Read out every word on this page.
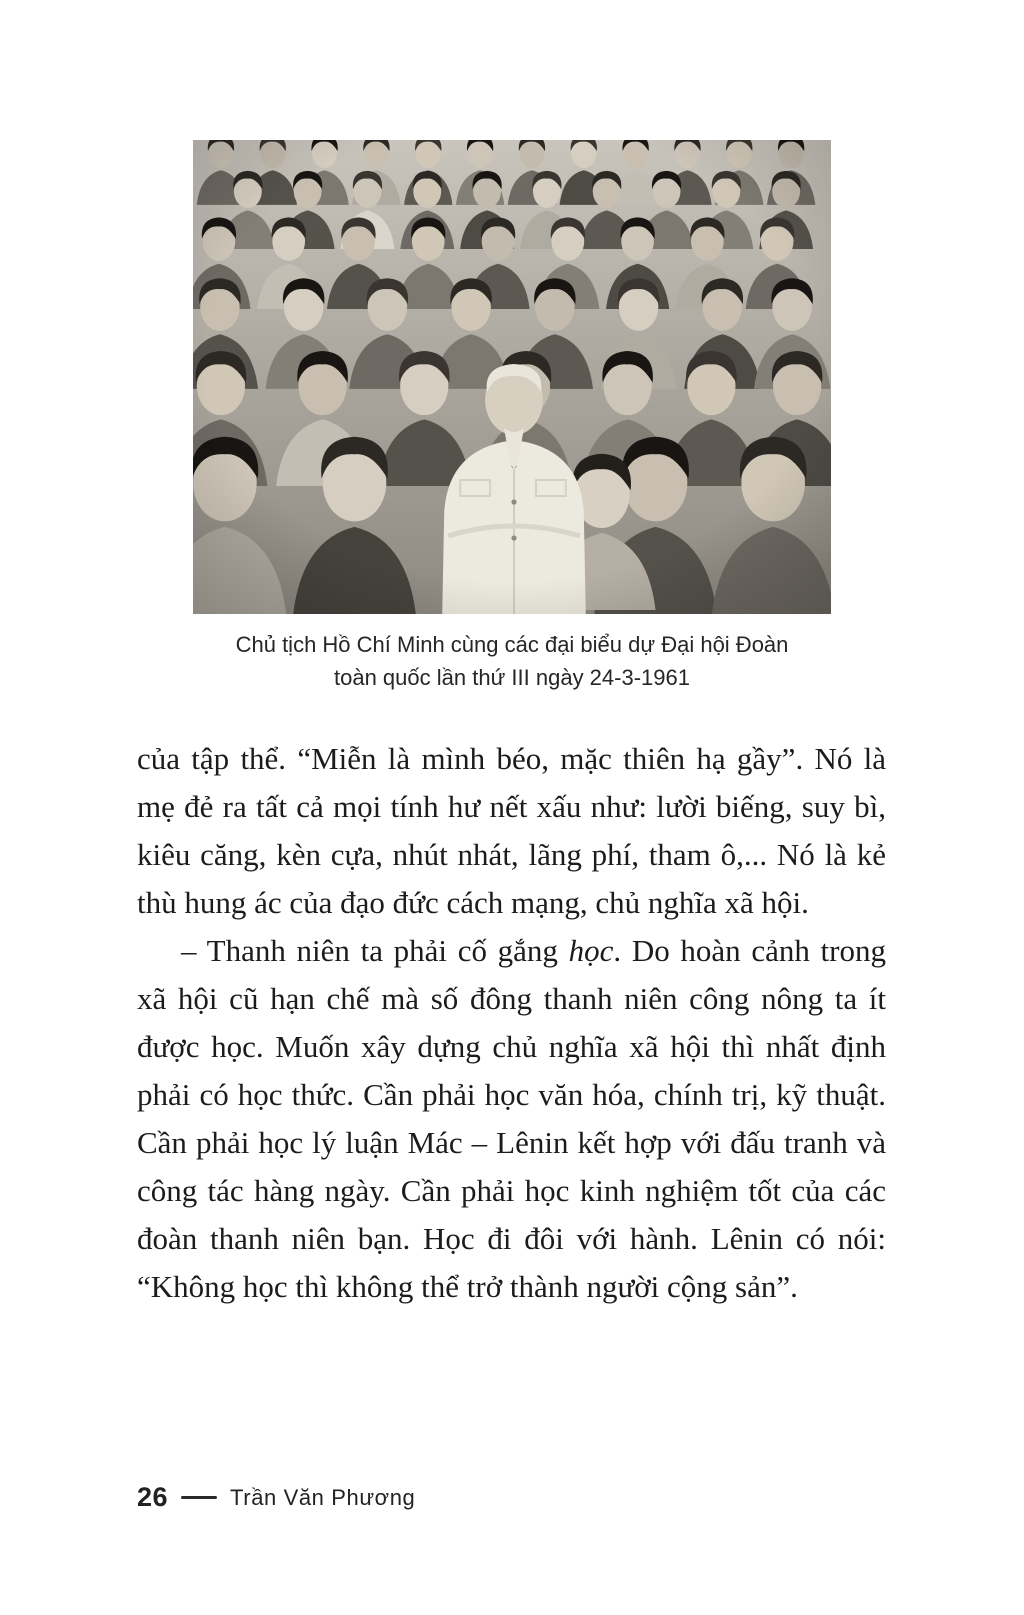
Chủ tịch Hồ Chí Minh cùng các đại biểu dự Đại hội Đoàn
toàn quốc lần thứ III ngày 24-3-1961

của tập thể. “Miễn là mình béo, mặc thiên hạ gầy”. Nó là mẹ đẻ ra tất cả mọi tính hư nết xấu như: lười biếng, suy bì, kiêu căng, kèn cựa, nhút nhát, lãng phí, tham ô,... Nó là kẻ thù hung ác của đạo đức cách mạng, chủ nghĩa xã hội.

– Thanh niên ta phải cố gắng học. Do hoàn cảnh trong xã hội cũ hạn chế mà số đông thanh niên công nông ta ít được học. Muốn xây dựng chủ nghĩa xã hội thì nhất định phải có học thức. Cần phải học văn hóa, chính trị, kỹ thuật. Cần phải học lý luận Mác – Lênin kết hợp với đấu tranh và công tác hàng ngày. Cần phải học kinh nghiệm tốt của các đoàn thanh niên bạn. Học đi đôi với hành. Lênin có nói: “Không học thì không thể trở thành người cộng sản”.

26	Trần Văn Phương
